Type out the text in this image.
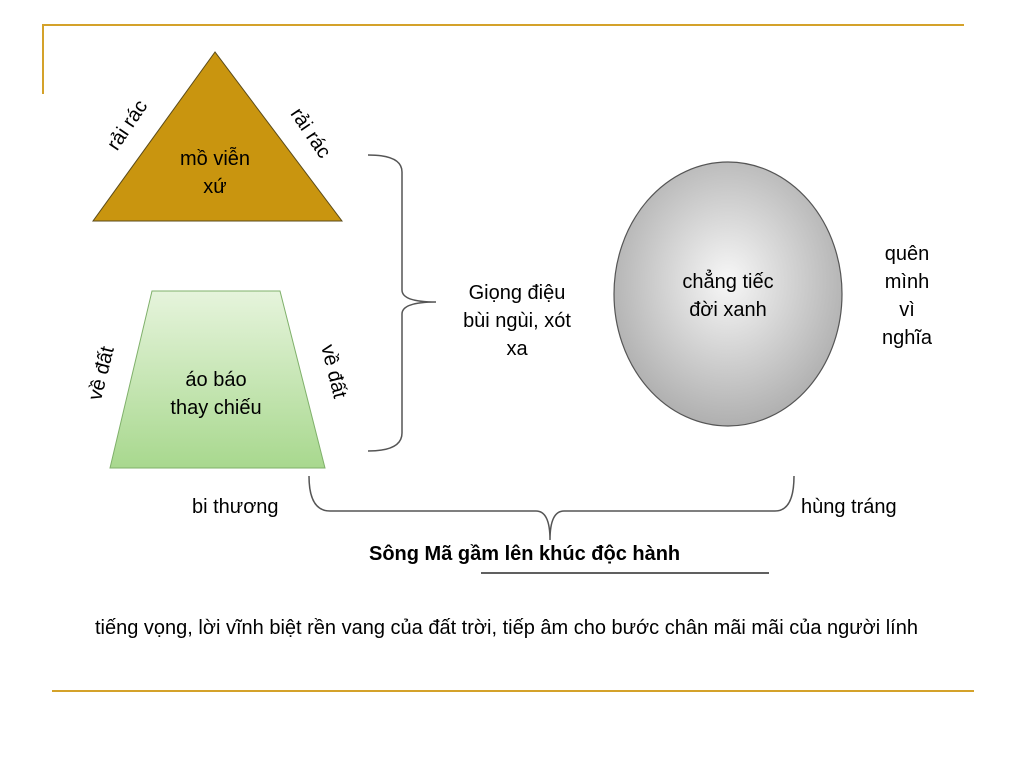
mồ viễn
xứ
rải rác	rải rác
áo báo
thay chiếu
về đất	về đất
Giọng điệu
bùi ngùi, xót
xa
chẳng tiếc
đời xanh
quên
mình
vì
nghĩa
bi thương	hùng tráng
Sông Mã gầm lên khúc độc hành
tiếng vọng, lời vĩnh biệt rền vang của đất trời, tiếp âm cho bước chân mãi mãi của người lính
